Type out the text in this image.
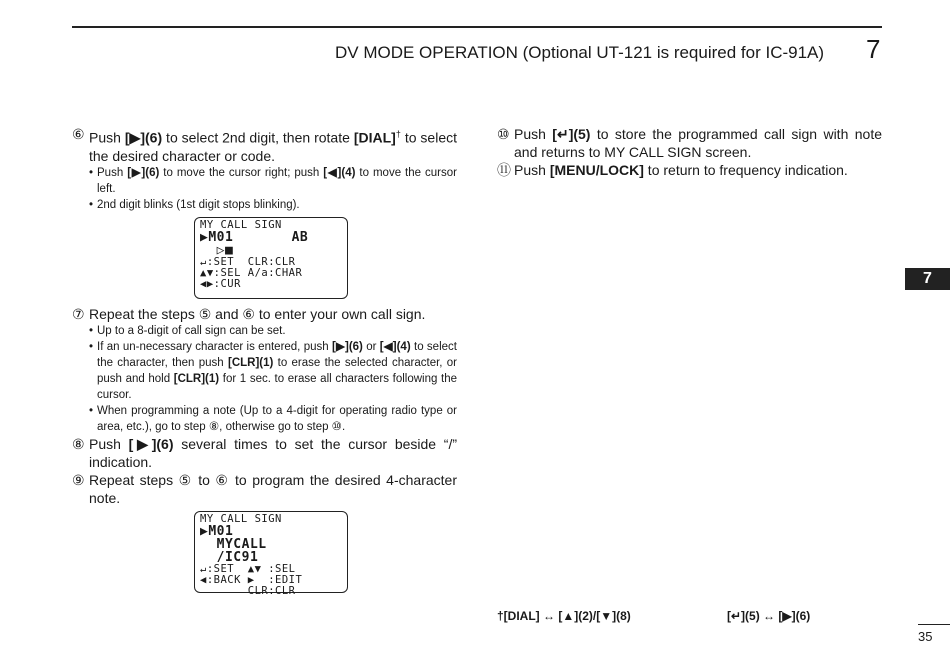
DV MODE OPERATION (Optional UT-121 is required for IC-91A) 7
7
⑥ Push [▶](6) to select 2nd digit, then rotate [DIAL]† to select the desired character or code.
• Push [▶](6) to move the cursor right; push [◀](4) to move the cursor left.
• 2nd digit blinks (1st digit stops blinking).
MY CALL SIGN
▶M01       AB
▷■
↵:SET  CLR:CLR
▲▼:SEL A/a:CHAR
◀▶:CUR
⑦ Repeat the steps ⑤ and ⑥ to enter your own call sign.
• Up to a 8-digit of call sign can be set.
• If an un-necessary character is entered, push [▶](6) or [◀](4) to select the character, then push [CLR](1) to erase the selected character, or push and hold [CLR](1) for 1 sec. to erase all characters following the cursor.
• When programming a note (Up to a 4-digit for operating radio type or area, etc.), go to step ⑧, otherwise go to step ⑩.
⑧ Push [▶](6) several times to set the cursor beside “/” indication.
⑨ Repeat steps ⑤ to ⑥ to program the desired 4-character note.
MY CALL SIGN
▶M01
MYCALL
/IC91
↵:SET  ▲▼ :SEL
◀:BACK ▶  :EDIT
CLR:CLR
⑩ Push [↵](5) to store the programmed call sign with note and returns to MY CALL SIGN screen.
⑪ Push [MENU/LOCK] to return to frequency indication.
†[DIAL] ↔ [▲](2)/[▼](8)	[↵](5) ↔ [▶](6)
35
